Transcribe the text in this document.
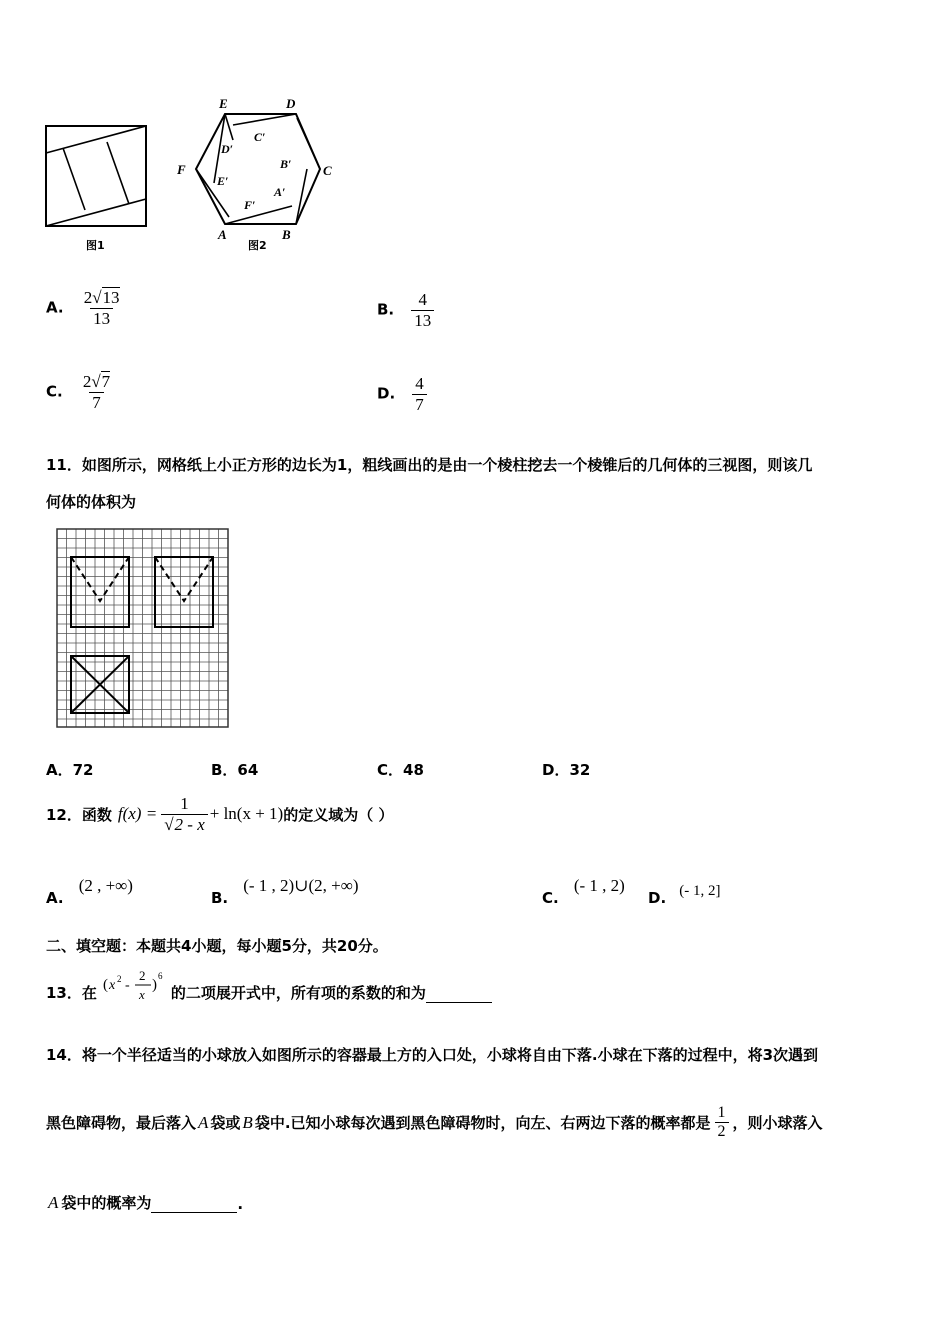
图1
E	D
C′
D′
B′
F	C
E′
A′
F′
A	B
图2
A. $\frac{2√13}{13}$	B. $\frac{4}{13}$
C. $\frac{2√7}{7}$	D. $\frac{4}{7}$
11．如图所示，网格纸上小正方形的边长为1，粗线画出的是由一个棱柱挖去一个棱锥后的几何体的三视图，则该几
何体的体积为
A．72	B．64	C．48	D．32
12．函数 $f(x) = \frac{1}{√2 - x} + \ln(x + 1)$ 的定义域为（ ）
A. (2 , +∞)
B. (- 1 , 2)∪(2, +∞)
C. (- 1 , 2)
D. (- 1, 2]
二、填空题：本题共4小题，每小题5分，共20分。
13．在 ( x 2 -
2
x
)
6
的二项展开式中，所有项的系数的和为
14．将一个半径适当的小球放入如图所示的容器最上方的入口处，小球将自由下落.小球在下落的过程中，将3次遇到
黑色障碍物，最后落入 A 袋或 B 袋中.已知小球每次遇到黑色障碍物时，向左、右两边下落的概率都是 $\frac{1}{2}$ ，则小球落入
A 袋中的概率为	.
